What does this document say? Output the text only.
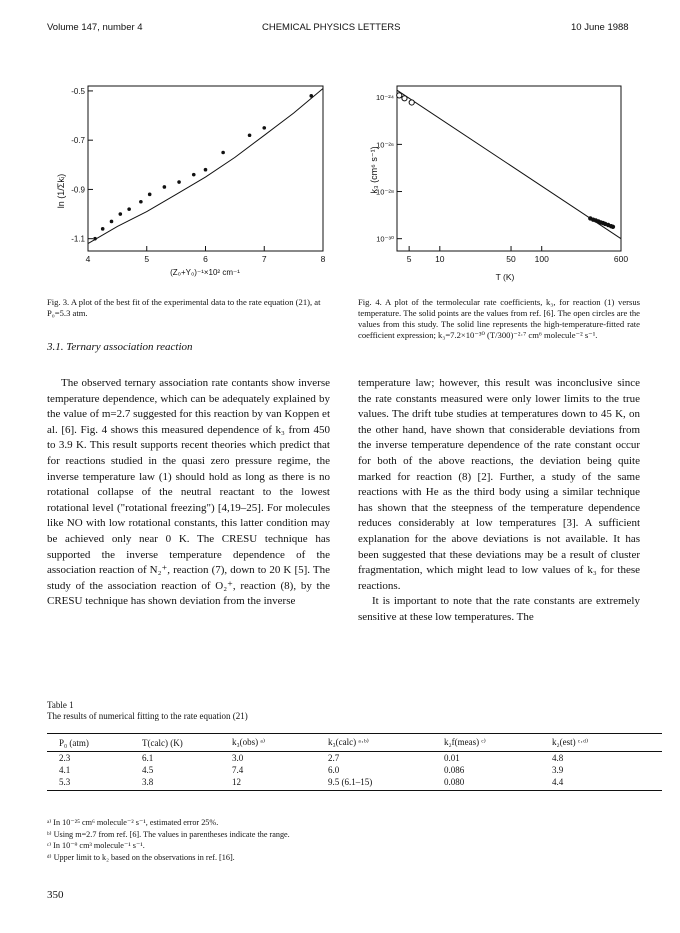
Volume 147, number 4	CHEMICAL PHYSICS LETTERS	10 June 1988
ln (1/Σkᵢ)
-0.5
-0.7
-0.9
-1.1
4	5	6	7	8
(Z₀+Y₀)⁻¹×10² cm⁻¹
k₃ (cm⁶ s⁻¹)
10⁻²⁴
10⁻²⁶
10⁻²⁸
10⁻³⁰
5	10	50 100	600
T (K)
Fig. 3. A plot of the best fit of the experimental data to the rate equation (21), at P₀=5.3 atm.
Fig. 4. A plot of the termolecular rate coefficients, k₃, for reaction (1) versus temperature. The solid points are the values from ref. [6]. The open circles are the values from this study. The solid line represents the high-temperature-fitted rate coefficient expression; k₃=7.2×10⁻³⁰ (T/300)⁻²·⁷ cm⁶ molecule⁻² s⁻¹.
3.1. Ternary association reaction

The observed ternary association rate contants show inverse temperature dependence, which can be adequately explained by the value of m=2.7 suggested for this reaction by van Koppen et al. [6]. Fig. 4 shows this measured dependence of k₃ from 450 to 3.9 K. This result supports recent theories which predict that for reactions studied in the quasi zero pressure regime, the inverse temperature law (1) should hold as long as there is no rotational collapse of the neutral reactant to the lowest rotational level ("rotational freezing") [4,19–25]. For molecules like NO with low rotational constants, this latter condition may be achieved only near 0 K. The CRESU technique has supported the inverse temperature dependence of the association reaction of N₂⁺, reaction (7), down to 20 K [5]. The study of the association reaction of O₂⁺, reaction (8), by the CRESU technique has shown deviation from the inverse

temperature law; however, this result was inconclusive since the rate constants measured were only lower limits to the true values. The drift tube studies at temperatures down to 45 K, on the other hand, have shown that considerable deviations from the inverse temperature dependence of the rate constant occur for both of the above reactions, the deviation being quite marked for reaction (8) [2]. Further, a study of the same reactions with He as the third body using a similar technique has shown that the steepness of the temperature dependence reduces considerably at low temperatures [3]. A sufficient explanation for the above deviations is not available. It has been suggested that these deviations may be a result of cluster fragmentation, which might lead to low values of k₃ for these reactions.

It is important to note that the rate constants are extremely sensitive at these low temperatures. The

Table 1
The results of numerical fitting to the rate equation (21)
P₀ (atm)	T(calc) (K)	k₃(obs) ᵃ⁾	k₃(calc) ᵃ·ᵇ⁾	k₂f(meas) ᶜ⁾	k₂(est) ᶜ·ᵈ⁾
2.3	6.1	3.0	2.7	0.01	4.8
4.1	4.5	7.4	6.0	0.086	3.9
5.3	3.8	12	9.5 (6.1–15)	0.080	4.4
ᵃ⁾ In 10⁻²⁵ cm⁶ molecule⁻² s⁻¹, estimated error 25%.
ᵇ⁾ Using m=2.7 from ref. [6]. The values in parentheses indicate the range.
ᶜ⁾ In 10⁻⁹ cm³ molecule⁻¹ s⁻¹.
ᵈ⁾ Upper limit to k₂ based on the observations in ref. [16].
350
